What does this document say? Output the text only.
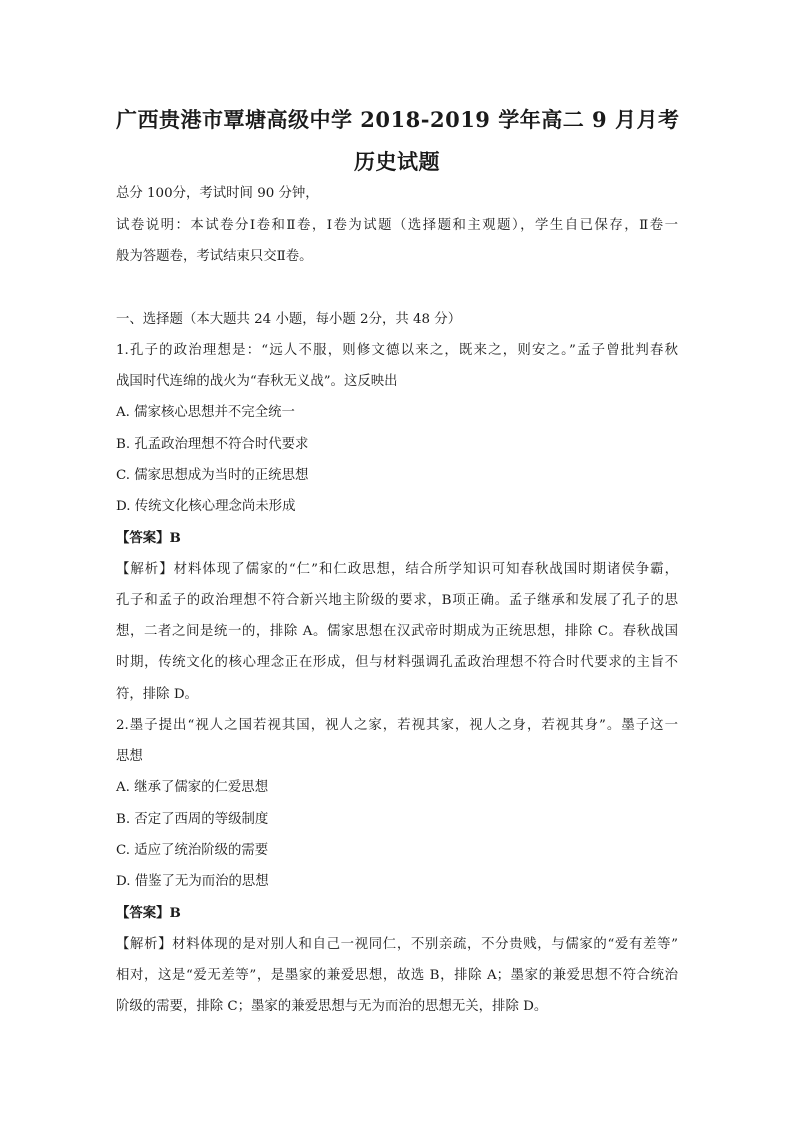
广西贵港市覃塘高级中学 2018-2019 学年高二 9 月月考
历史试题

总分 100分，考试时间 90 分钟，

试卷说明：本试卷分Ⅰ卷和Ⅱ卷，Ⅰ卷为试题（选择题和主观题），学生自已保存，Ⅱ卷一

般为答题卷，考试结束只交Ⅱ卷。

一、选择题（本大题共 24 小题，每小题 2分，共 48 分）

1.孔子的政治理想是：“远人不服，则修文德以来之，既来之，则安之。”孟子曾批判春秋

战国时代连绵的战火为“春秋无义战”。这反映出

A. 儒家核心思想并不完全统一

B. 孔孟政治理想不符合时代要求

C. 儒家思想成为当时的正统思想

D. 传统文化核心理念尚未形成

【答案】B

【解析】材料体现了儒家的“仁”和仁政思想，结合所学知识可知春秋战国时期诸侯争霸，

孔子和孟子的政治理想不符合新兴地主阶级的要求，B项正确。孟子继承和发展了孔子的思

想，二者之间是统一的，排除 A。儒家思想在汉武帝时期成为正统思想，排除 C。春秋战国

时期，传统文化的核心理念正在形成，但与材料强调孔孟政治理想不符合时代要求的主旨不

符，排除 D。

2.墨子提出“视人之国若视其国，视人之家，若视其家，视人之身，若视其身”。墨子这一

思想

A. 继承了儒家的仁爱思想

B. 否定了西周的等级制度

C. 适应了统治阶级的需要

D. 借鉴了无为而治的思想

【答案】B

【解析】材料体现的是对别人和自己一视同仁，不别亲疏，不分贵贱，与儒家的“爱有差等”

相对，这是“爱无差等”，是墨家的兼爱思想，故选 B，排除 A；墨家的兼爱思想不符合统治

阶级的需要，排除 C；墨家的兼爱思想与无为而治的思想无关，排除 D。
